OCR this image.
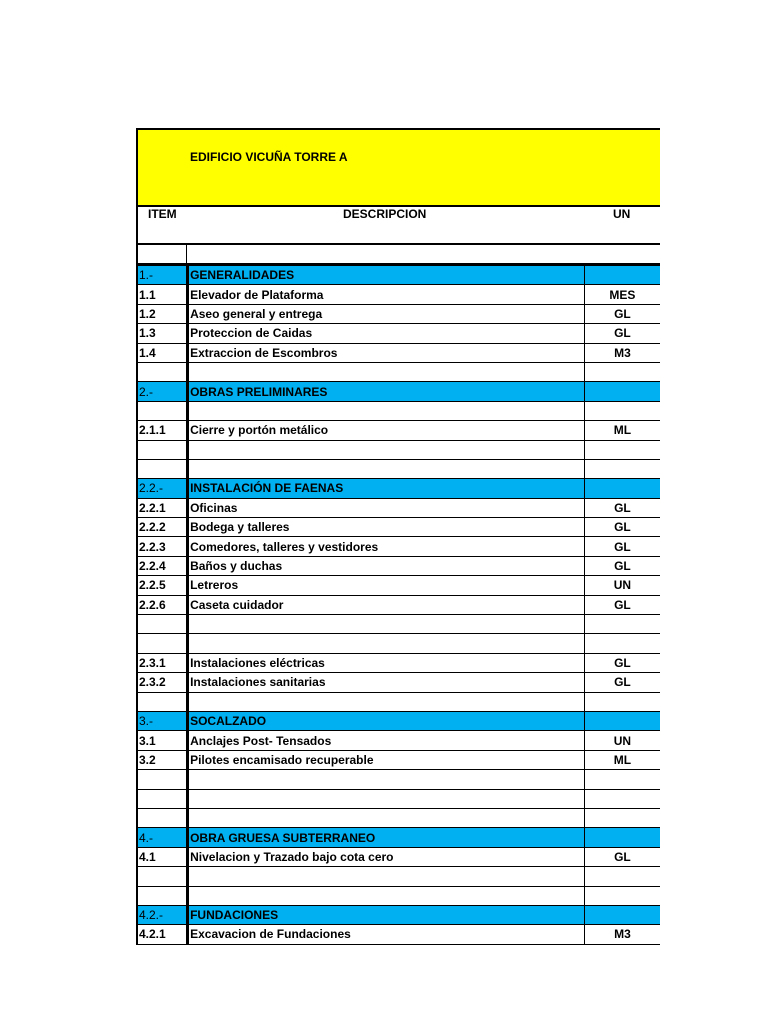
EDIFICIO VICUÑA TORRE A
ITEM	DESCRIPCION	UN
1.-	GENERALIDADES	
1.1	Elevador de Plataforma	MES
1.2	Aseo general y entrega	GL
1.3	Proteccion de Caidas	GL
1.4	Extraccion de Escombros	M3

2.-	OBRAS PRELIMINARES	

2.1.1	Cierre y portón metálico	ML

2.2.-	INSTALACIÓN DE FAENAS	
2.2.1	Oficinas	GL
2.2.2	Bodega y talleres	GL
2.2.3	Comedores, talleres y vestidores	GL
2.2.4	Baños y duchas	GL
2.2.5	Letreros	UN
2.2.6	Caseta cuidador	GL

2.3.1	Instalaciones eléctricas	GL
2.3.2	Instalaciones sanitarias	GL

3.-	SOCALZADO	
3.1	Anclajes Post- Tensados	UN
3.2	Pilotes encamisado recuperable	ML

4.-	OBRA GRUESA SUBTERRANEO	
4.1	Nivelacion y Trazado bajo cota cero	GL

4.2.-	FUNDACIONES	
4.2.1	Excavacion de Fundaciones	M3
